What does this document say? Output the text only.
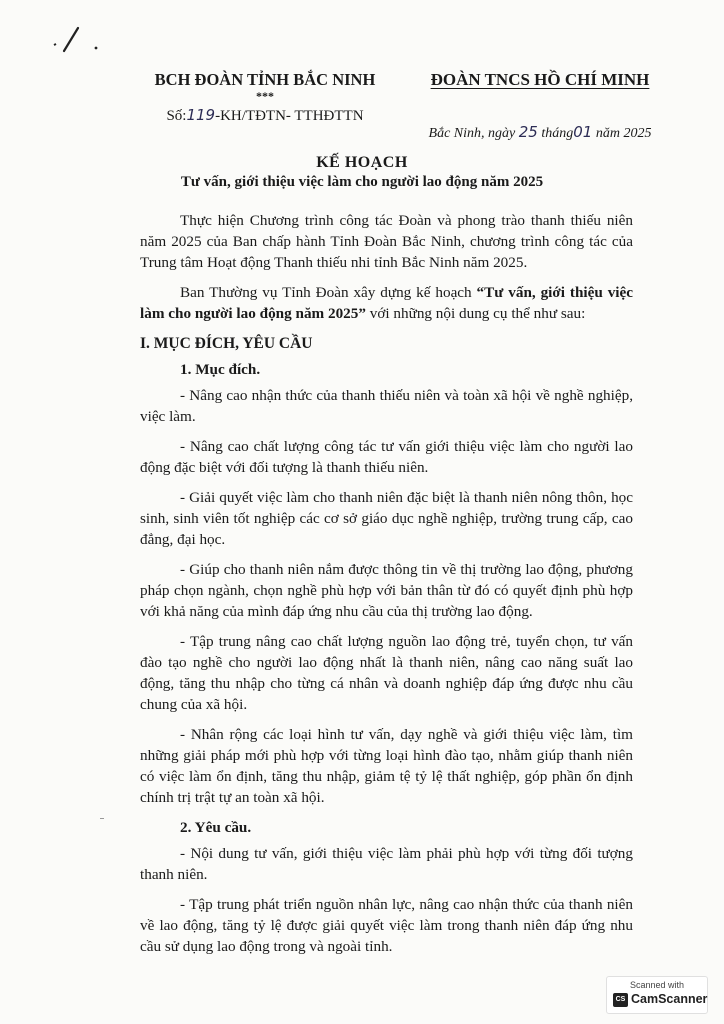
BCH ĐOÀN TỈNH BẮC NINH
***
Số:119-KH/TĐTN- TTHĐTTN
ĐOÀN TNCS HỒ CHÍ MINH
Bắc Ninh, ngày 25 tháng01 năm 2025
KẾ HOẠCH
Tư vấn, giới thiệu việc làm cho người lao động năm 2025

Thực hiện Chương trình công tác Đoàn và phong trào thanh thiếu niên năm 2025 của Ban chấp hành Tỉnh Đoàn Bắc Ninh, chương trình công tác của Trung tâm Hoạt động Thanh thiếu nhi tỉnh Bắc Ninh năm 2025.

Ban Thường vụ Tỉnh Đoàn xây dựng kế hoạch “Tư vấn, giới thiệu việc làm cho người lao động năm 2025” với những nội dung cụ thể như sau:

I. MỤC ĐÍCH, YÊU CẦU

1. Mục đích.

- Nâng cao nhận thức của thanh thiếu niên và toàn xã hội về nghề nghiệp, việc làm.

- Nâng cao chất lượng công tác tư vấn giới thiệu việc làm cho người lao động đặc biệt với đối tượng là thanh thiếu niên.

- Giải quyết việc làm cho thanh niên đặc biệt là thanh niên nông thôn, học sinh, sinh viên tốt nghiệp các cơ sở giáo dục nghề nghiệp, trường trung cấp, cao đẳng, đại học.

- Giúp cho thanh niên nắm được thông tin về thị trường lao động, phương pháp chọn ngành, chọn nghề phù hợp với bản thân từ đó có quyết định phù hợp với khả năng của mình đáp ứng nhu cầu của thị trường lao động.

- Tập trung nâng cao chất lượng nguồn lao động trẻ, tuyển chọn, tư vấn đào tạo nghề cho người lao động nhất là thanh niên, nâng cao năng suất lao động, tăng thu nhập cho từng cá nhân và doanh nghiệp đáp ứng được nhu cầu chung của xã hội.

- Nhân rộng các loại hình tư vấn, dạy nghề và giới thiệu việc làm, tìm những giải pháp mới phù hợp với từng loại hình đào tạo, nhằm giúp thanh niên có việc làm ổn định, tăng thu nhập, giảm tệ tỷ lệ thất nghiệp, góp phần ổn định chính trị trật tự an toàn xã hội.

2. Yêu cầu.

- Nội dung tư vấn, giới thiệu việc làm phải phù hợp với từng đối tượng thanh niên.

- Tập trung phát triển nguồn nhân lực, nâng cao nhận thức của thanh niên về lao động, tăng tỷ lệ được giải quyết việc làm trong thanh niên đáp ứng nhu cầu sử dụng lao động trong và ngoài tỉnh.

Scanned with
CS CamScanner
